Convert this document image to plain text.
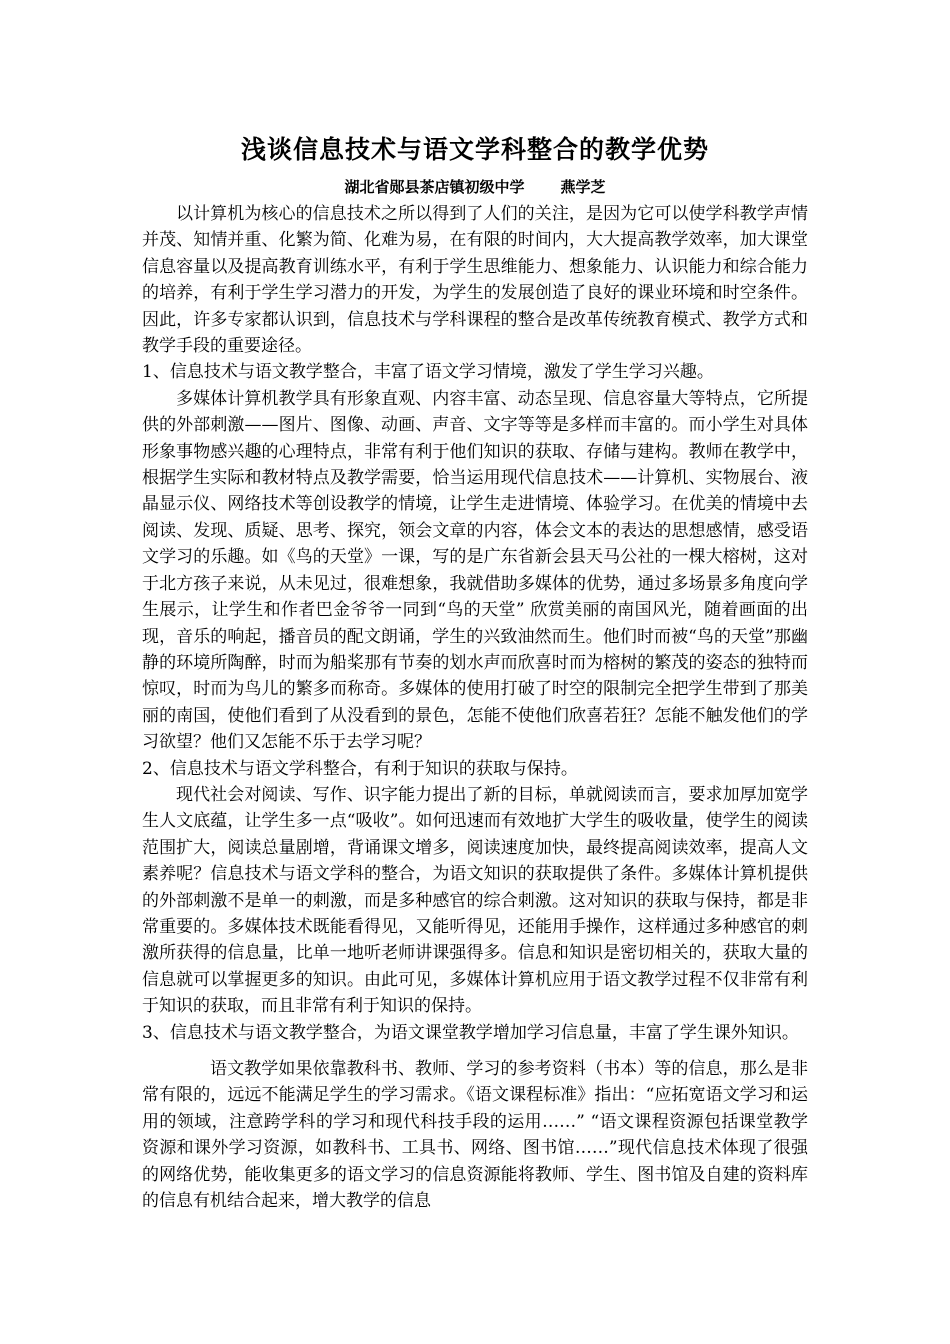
浅谈信息技术与语文学科整合的教学优势
湖北省郧县茶店镇初级中学 燕学芝

以计算机为核心的信息技术之所以得到了人们的关注，是因为它可以使学科教学声情并茂、知情并重、化繁为简、化难为易，在有限的时间内，大大提高教学效率，加大课堂信息容量以及提高教育训练水平，有利于学生思维能力、想象能力、认识能力和综合能力的培养，有利于学生学习潜力的开发，为学生的发展创造了良好的课业环境和时空条件。因此，许多专家都认识到，信息技术与学科课程的整合是改革传统教育模式、教学方式和教学手段的重要途径。

1、信息技术与语文教学整合，丰富了语文学习情境，激发了学生学习兴趣。

多媒体计算机教学具有形象直观、内容丰富、动态呈现、信息容量大等特点，它所提供的外部刺激——图片、图像、动画、声音、文字等等是多样而丰富的。而小学生对具体形象事物感兴趣的心理特点，非常有利于他们知识的获取、存储与建构。教师在教学中，根据学生实际和教材特点及教学需要，恰当运用现代信息技术——计算机、实物展台、液晶显示仪、网络技术等创设教学的情境，让学生走进情境、体验学习。在优美的情境中去阅读、发现、质疑、思考、探究，领会文章的内容，体会文本的表达的思想感情，感受语文学习的乐趣。如《鸟的天堂》一课，写的是广东省新会县天马公社的一棵大榕树，这对于北方孩子来说，从未见过，很难想象，我就借助多媒体的优势，通过多场景多角度向学生展示，让学生和作者巴金爷爷一同到“鸟的天堂” 欣赏美丽的南国风光，随着画面的出现，音乐的响起，播音员的配文朗诵，学生的兴致油然而生。他们时而被“鸟的天堂”那幽静的环境所陶醉，时而为船桨那有节奏的划水声而欣喜时而为榕树的繁茂的姿态的独特而惊叹，时而为鸟儿的繁多而称奇。多媒体的使用打破了时空的限制完全把学生带到了那美丽的南国，使他们看到了从没看到的景色，怎能不使他们欣喜若狂？怎能不触发他们的学习欲望？他们又怎能不乐于去学习呢？

2、信息技术与语文学科整合，有利于知识的获取与保持。

现代社会对阅读、写作、识字能力提出了新的目标，单就阅读而言，要求加厚加宽学生人文底蕴，让学生多一点“吸收”。如何迅速而有效地扩大学生的吸收量，使学生的阅读范围扩大，阅读总量剧增，背诵课文增多，阅读速度加快，最终提高阅读效率，提高人文素养呢？信息技术与语文学科的整合，为语文知识的获取提供了条件。多媒体计算机提供的外部刺激不是单一的刺激，而是多种感官的综合刺激。这对知识的获取与保持，都是非常重要的。多媒体技术既能看得见，又能听得见，还能用手操作，这样通过多种感官的刺激所获得的信息量，比单一地听老师讲课强得多。信息和知识是密切相关的，获取大量的信息就可以掌握更多的知识。由此可见，多媒体计算机应用于语文教学过程不仅非常有利于知识的获取，而且非常有利于知识的保持。

3、信息技术与语文教学整合，为语文课堂教学增加学习信息量，丰富了学生课外知识。

语文教学如果依靠教科书、教师、学习的参考资料（书本）等的信息，那么是非常有限的，远远不能满足学生的学习需求。《语文课程标准》指出：“应拓宽语文学习和运用的领域，注意跨学科的学习和现代科技手段的运用……” “语文课程资源包括课堂教学资源和课外学习资源，如教科书、工具书、网络、图书馆……”现代信息技术体现了很强的网络优势，能收集更多的语文学习的信息资源能将教师、学生、图书馆及自建的资料库的信息有机结合起来，增大教学的信息
